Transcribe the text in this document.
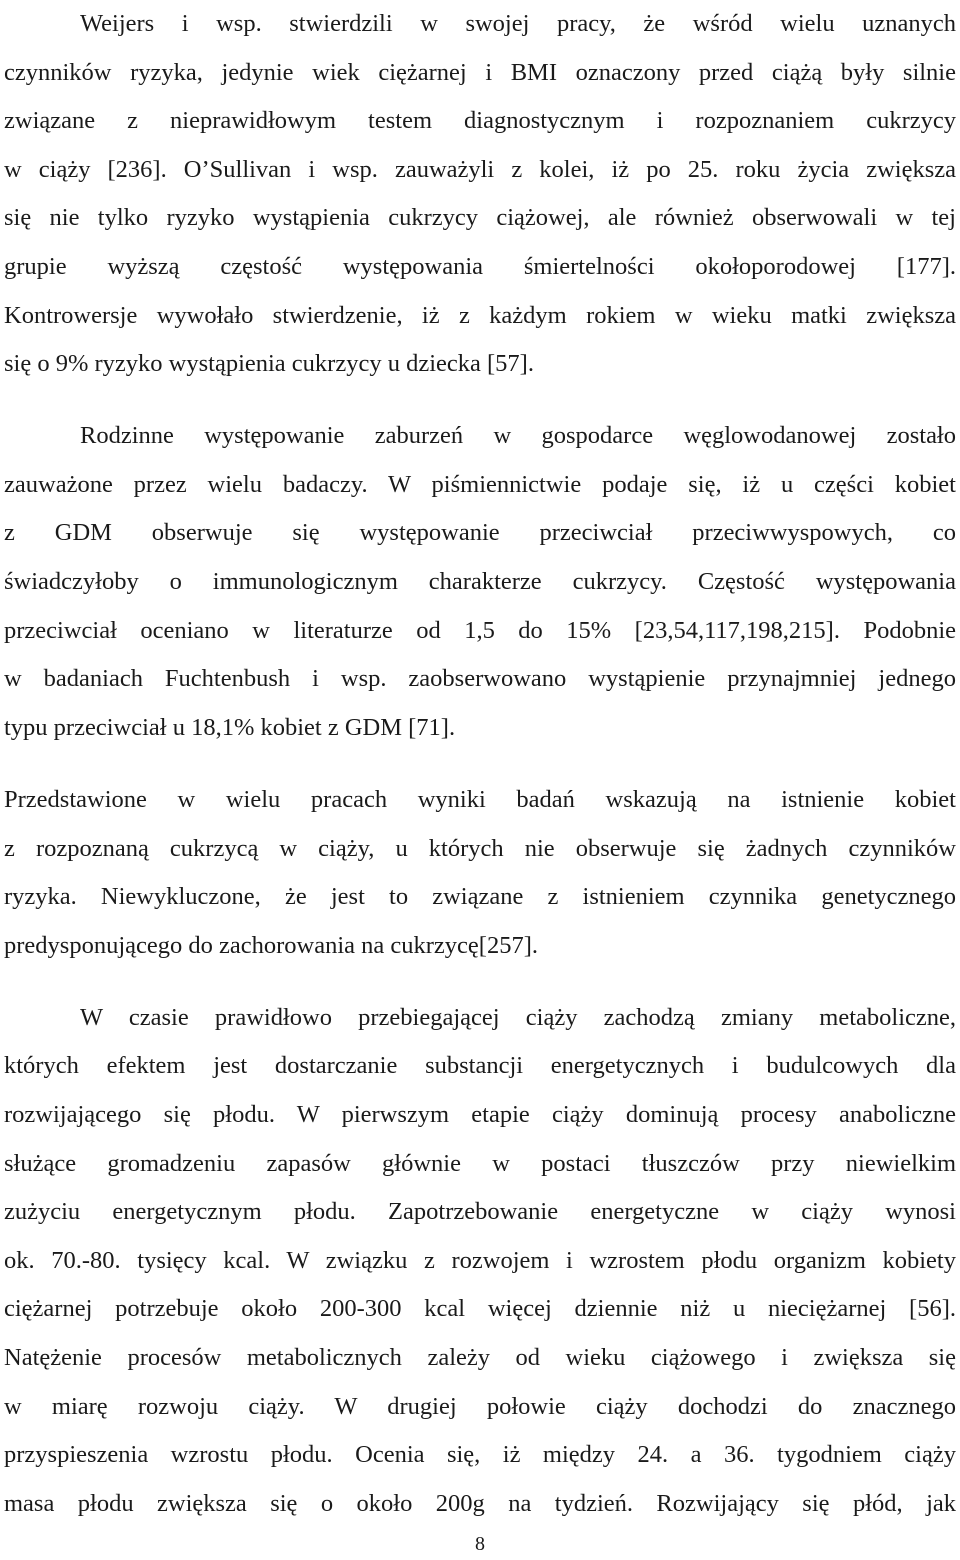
Weijers i wsp. stwierdzili w swojej pracy, że wśród wielu uznanych
czynników ryzyka, jedynie wiek ciężarnej i BMI oznaczony przed ciążą były silnie
związane z nieprawidłowym testem diagnostycznym i rozpoznaniem cukrzycy
w ciąży [236]. O’Sullivan i wsp. zauważyli z kolei, iż po 25. roku życia zwiększa
się nie tylko ryzyko wystąpienia cukrzycy ciążowej, ale również obserwowali w tej
grupie wyższą częstość występowania śmiertelności okołoporodowej [177].
Kontrowersje wywołało stwierdzenie, iż z każdym rokiem w wieku matki zwiększa
się o 9% ryzyko wystąpienia cukrzycy u dziecka [57].
Rodzinne występowanie zaburzeń w gospodarce węglowodanowej zostało
zauważone przez wielu badaczy. W piśmiennictwie podaje się, iż u części kobiet
z GDM obserwuje się występowanie przeciwciał przeciwwyspowych, co
świadczyłoby o immunologicznym charakterze cukrzycy. Częstość występowania
przeciwciał oceniano w literaturze od 1,5 do 15% [23,54,117,198,215]. Podobnie
w badaniach Fuchtenbush i wsp. zaobserwowano wystąpienie przynajmniej jednego
typu przeciwciał u 18,1% kobiet z GDM [71].
Przedstawione w wielu pracach wyniki badań wskazują na istnienie kobiet
z rozpoznaną cukrzycą w ciąży, u których nie obserwuje się żadnych czynników
ryzyka. Niewykluczone, że jest to związane z istnieniem czynnika genetycznego
predysponującego do zachorowania na cukrzycę[257].
W czasie prawidłowo przebiegającej ciąży zachodzą zmiany metaboliczne,
których efektem jest dostarczanie substancji energetycznych i budulcowych dla
rozwijającego się płodu. W pierwszym etapie ciąży dominują procesy anaboliczne
służące gromadzeniu zapasów głównie w postaci tłuszczów przy niewielkim
zużyciu energetycznym płodu. Zapotrzebowanie energetyczne w ciąży wynosi
ok. 70.-80. tysięcy kcal. W związku z rozwojem i wzrostem płodu organizm kobiety
ciężarnej potrzebuje około 200-300 kcal więcej dziennie niż u nieciężarnej [56].
Natężenie procesów metabolicznych zależy od wieku ciążowego i zwiększa się
w miarę rozwoju ciąży. W drugiej połowie ciąży dochodzi do znacznego
przyspieszenia wzrostu płodu. Ocenia się, iż między 24. a 36. tygodniem ciąży
masa płodu zwiększa się o około 200g na tydzień. Rozwijający się płód, jak
8
